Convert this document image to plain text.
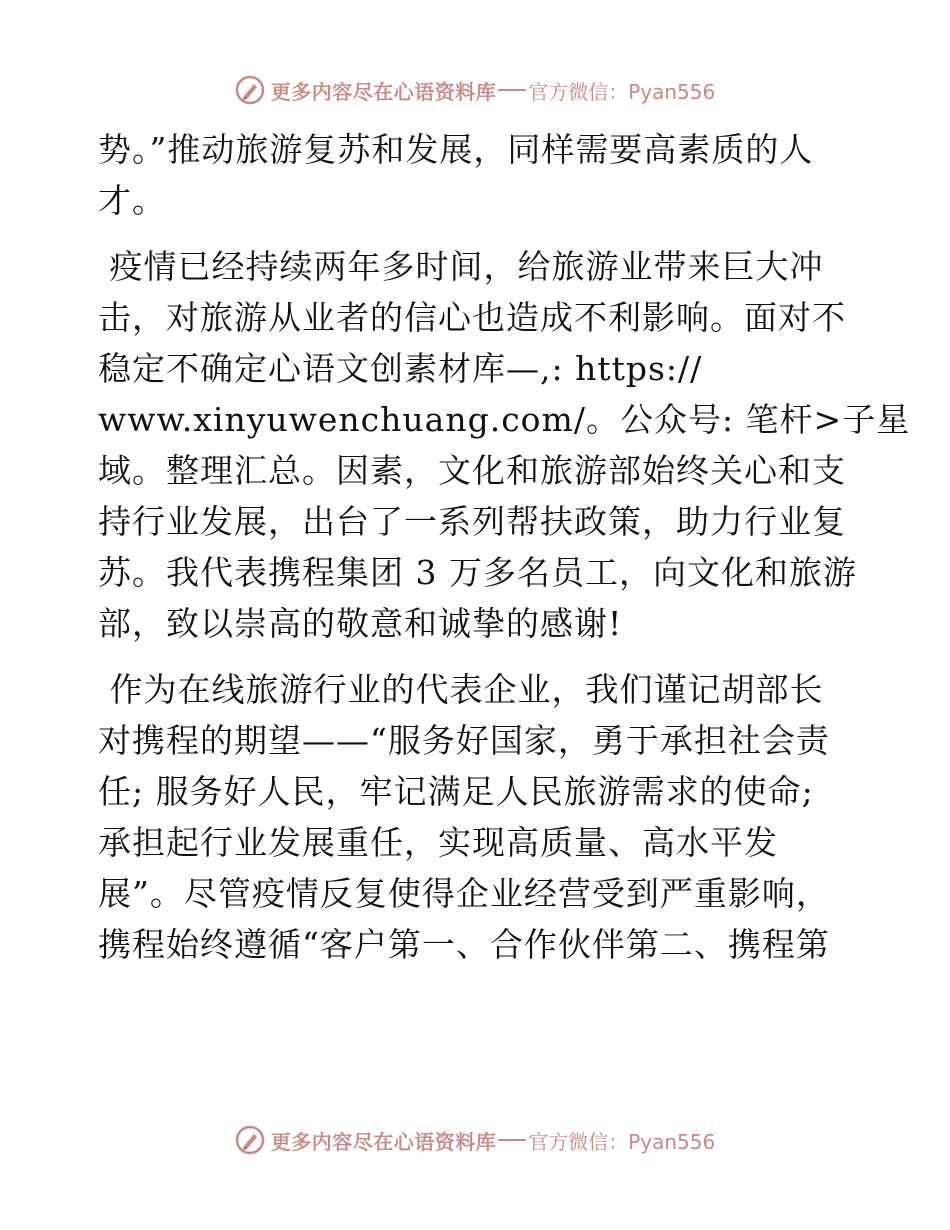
更多内容尽在心语资料库 官方微信：Pyan556
势。”推动旅游复苏和发展，同样需要高素质的人
才。
疫情已经持续两年多时间，给旅游业带来巨大冲
击，对旅游从业者的信心也造成不利影响。面对不
稳定不确定心语文创素材库—,: https://
www.xinyuwenchuang.com/。公众号: 笔杆>子星
域。整理汇总。因素，文化和旅游部始终关心和支
持行业发展，出台了一系列帮扶政策，助力行业复
苏。我代表携程集团 3 万多名员工，向文化和旅游
部，致以崇高的敬意和诚挚的感谢!
作为在线旅游行业的代表企业，我们谨记胡部长
对携程的期望——“服务好国家，勇于承担社会责
任; 服务好人民，牢记满足人民旅游需求的使命;
承担起行业发展重任，实现高质量、高水平发
展”。尽管疫情反复使得企业经营受到严重影响，
携程始终遵循“客户第一、合作伙伴第二、携程第
更多内容尽在心语资料库 官方微信：Pyan556
